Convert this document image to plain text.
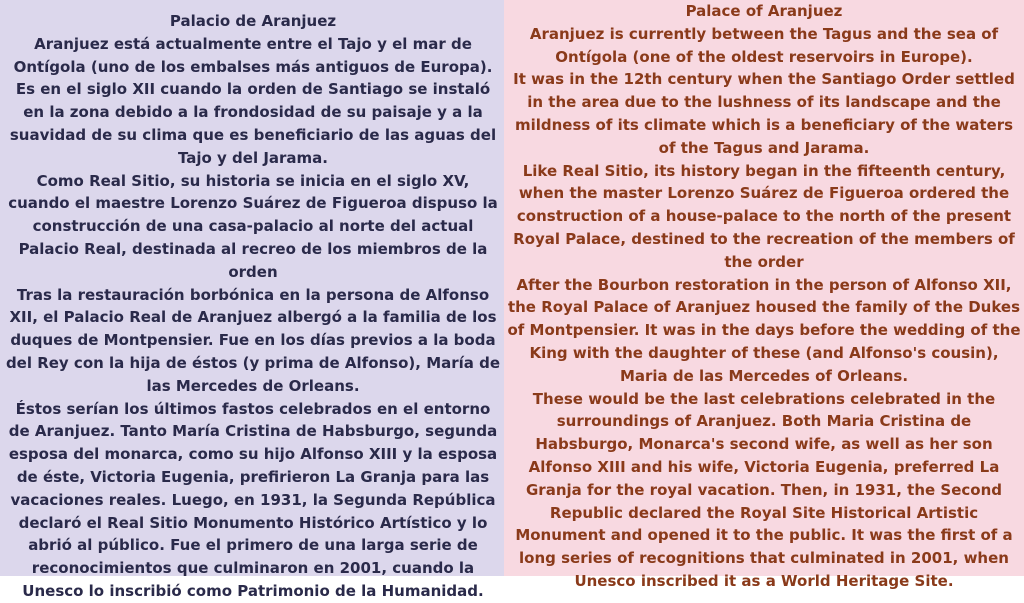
Palacio de Aranjuez

Aranjuez está actualmente entre el Tajo y el mar de Ontígola (uno de los embalses más antiguos de Europa).

Es en el siglo XII cuando la orden de Santiago se instaló en la zona debido a la frondosidad de su paisaje y a la suavidad de su clima que es beneficiario de las aguas del Tajo y del Jarama.

Como Real Sitio, su historia se inicia en el siglo XV, cuando el maestre Lorenzo Suárez de Figueroa dispuso la construcción de una casa-palacio al norte del actual Palacio Real, destinada al recreo de los miembros de la orden

Tras la restauración borbónica en la persona de Alfonso XII, el Palacio Real de Aranjuez albergó a la familia de los duques de Montpensier. Fue en los días previos a la boda del Rey con la hija de éstos (y prima de Alfonso), María de las Mercedes de Orleans.

Éstos serían los últimos fastos celebrados en el entorno de Aranjuez. Tanto María Cristina de Habsburgo, segunda esposa del monarca, como su hijo Alfonso XIII y la esposa de éste, Victoria Eugenia, prefirieron La Granja para las vacaciones reales. Luego, en 1931, la Segunda República declaró el Real Sitio Monumento Histórico Artístico y lo abrió al público. Fue el primero de una larga serie de reconocimientos que culminaron en 2001, cuando la Unesco lo inscribió como Patrimonio de la Humanidad.

Palace of Aranjuez

Aranjuez is currently between the Tagus and the sea of Ontígola (one of the oldest reservoirs in Europe).

It was in the 12th century when the Santiago Order settled in the area due to the lushness of its landscape and the mildness of its climate which is a beneficiary of the waters of the Tagus and Jarama.

Like Real Sitio, its history began in the fifteenth century, when the master Lorenzo Suárez de Figueroa ordered the construction of a house-palace to the north of the present Royal Palace, destined to the recreation of the members of the order

After the Bourbon restoration in the person of Alfonso XII, the Royal Palace of Aranjuez housed the family of the Dukes of Montpensier. It was in the days before the wedding of the King with the daughter of these (and Alfonso's cousin), Maria de las Mercedes of Orleans.

These would be the last celebrations celebrated in the surroundings of Aranjuez. Both Maria Cristina de Habsburgo, Monarca's second wife, as well as her son Alfonso XIII and his wife, Victoria Eugenia, preferred La Granja for the royal vacation. Then, in 1931, the Second Republic declared the Royal Site Historical Artistic Monument and opened it to the public. It was the first of a long series of recognitions that culminated in 2001, when Unesco inscribed it as a World Heritage Site.
